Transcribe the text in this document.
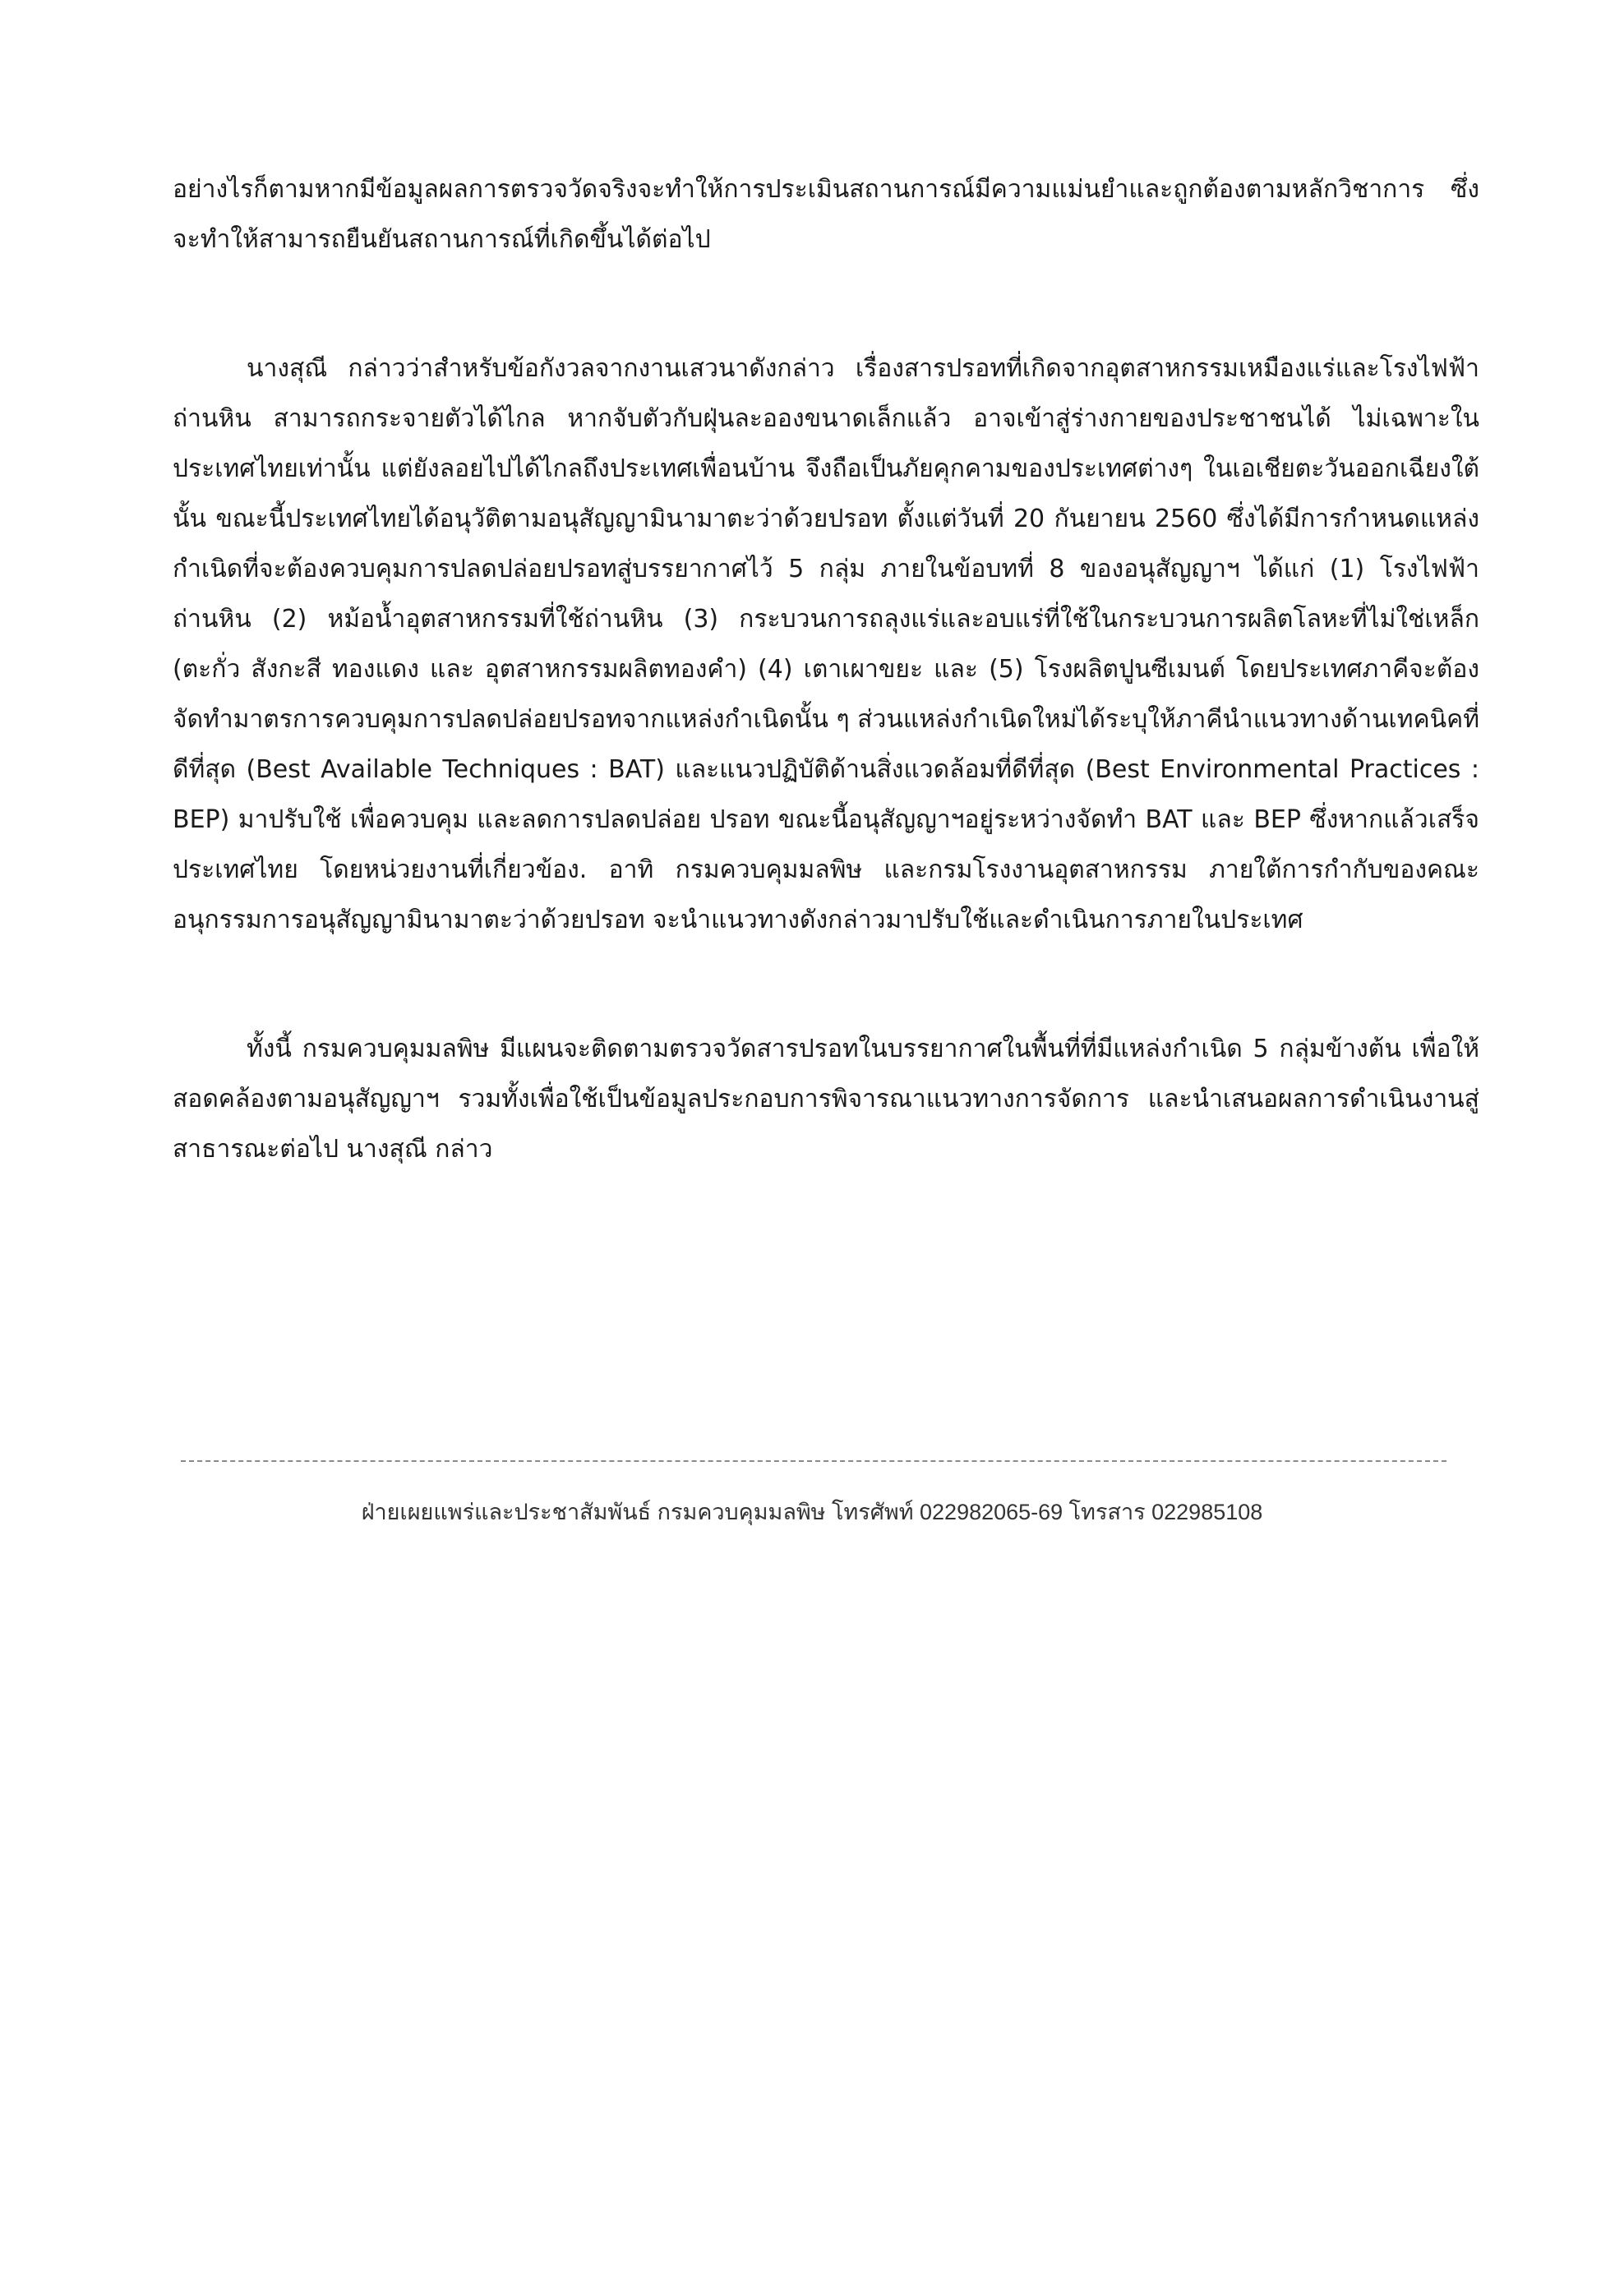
อย่างไรก็ตามหากมีข้อมูลผลการตรวจวัดจริงจะทำให้การประเมินสถานการณ์มีความแม่นยำและถูกต้องตามหลักวิชาการ ซึ่งจะทำให้สามารถยืนยันสถานการณ์ที่เกิดขึ้นได้ต่อไป

นางสุณี กล่าวว่าสำหรับข้อกังวลจากงานเสวนาดังกล่าว เรื่องสารปรอทที่เกิดจากอุตสาหกรรมเหมืองแร่และโรงไฟฟ้าถ่านหิน สามารถกระจายตัวได้ไกล หากจับตัวกับฝุ่นละอองขนาดเล็กแล้ว อาจเข้าสู่ร่างกายของประชาชนได้ ไม่เฉพาะในประเทศไทยเท่านั้น แต่ยังลอยไปได้ไกลถึงประเทศเพื่อนบ้าน จึงถือเป็นภัยคุกคามของประเทศต่างๆ ในเอเชียตะวันออกเฉียงใต้ นั้น ขณะนี้ประเทศไทยได้อนุวัติตามอนุสัญญามินามาตะว่าด้วยปรอท ตั้งแต่วันที่ 20 กันยายน 2560 ซึ่งได้มีการกำหนดแหล่งกำเนิดที่จะต้องควบคุมการปลดปล่อยปรอทสู่บรรยากาศไว้ 5 กลุ่ม ภายในข้อบทที่ 8 ของอนุสัญญาฯ ได้แก่ (1) โรงไฟฟ้าถ่านหิน (2) หม้อน้ำอุตสาหกรรมที่ใช้ถ่านหิน (3) กระบวนการถลุงแร่และอบแร่ที่ใช้ในกระบวนการผลิตโลหะที่ไม่ใช่เหล็ก (ตะกั่ว สังกะสี ทองแดง และ อุตสาหกรรมผลิตทองคำ) (4) เตาเผาขยะ และ (5) โรงผลิตปูนซีเมนต์ โดยประเทศภาคีจะต้องจัดทำมาตรการควบคุมการปลดปล่อยปรอทจากแหล่งกำเนิดนั้น ๆ ส่วนแหล่งกำเนิดใหม่ได้ระบุให้ภาคีนำแนวทางด้านเทคนิคที่ดีที่สุด (Best Available Techniques : BAT) และแนวปฏิบัติด้านสิ่งแวดล้อมที่ดีที่สุด (Best Environmental Practices : BEP) มาปรับใช้ เพื่อควบคุม และลดการปลดปล่อย ปรอท ขณะนี้อนุสัญญาฯอยู่ระหว่างจัดทำ BAT และ BEP ซึ่งหากแล้วเสร็จประเทศไทย โดยหน่วยงานที่เกี่ยวข้อง. อาทิ กรมควบคุมมลพิษ และกรมโรงงานอุตสาหกรรม ภายใต้การกำกับของคณะอนุกรรมการอนุสัญญามินามาตะว่าด้วยปรอท จะนำแนวทางดังกล่าวมาปรับใช้และดำเนินการภายในประเทศ

ทั้งนี้ กรมควบคุมมลพิษ มีแผนจะติดตามตรวจวัดสารปรอทในบรรยากาศในพื้นที่ที่มีแหล่งกำเนิด 5 กลุ่มข้างต้น เพื่อให้สอดคล้องตามอนุสัญญาฯ รวมทั้งเพื่อใช้เป็นข้อมูลประกอบการพิจารณาแนวทางการจัดการ และนำเสนอผลการดำเนินงานสู่สาธารณะต่อไป นางสุณี กล่าว

ฝ่ายเผยแพร่และประชาสัมพันธ์ กรมควบคุมมลพิษ โทรศัพท์ 022982065-69 โทรสาร 022985108
